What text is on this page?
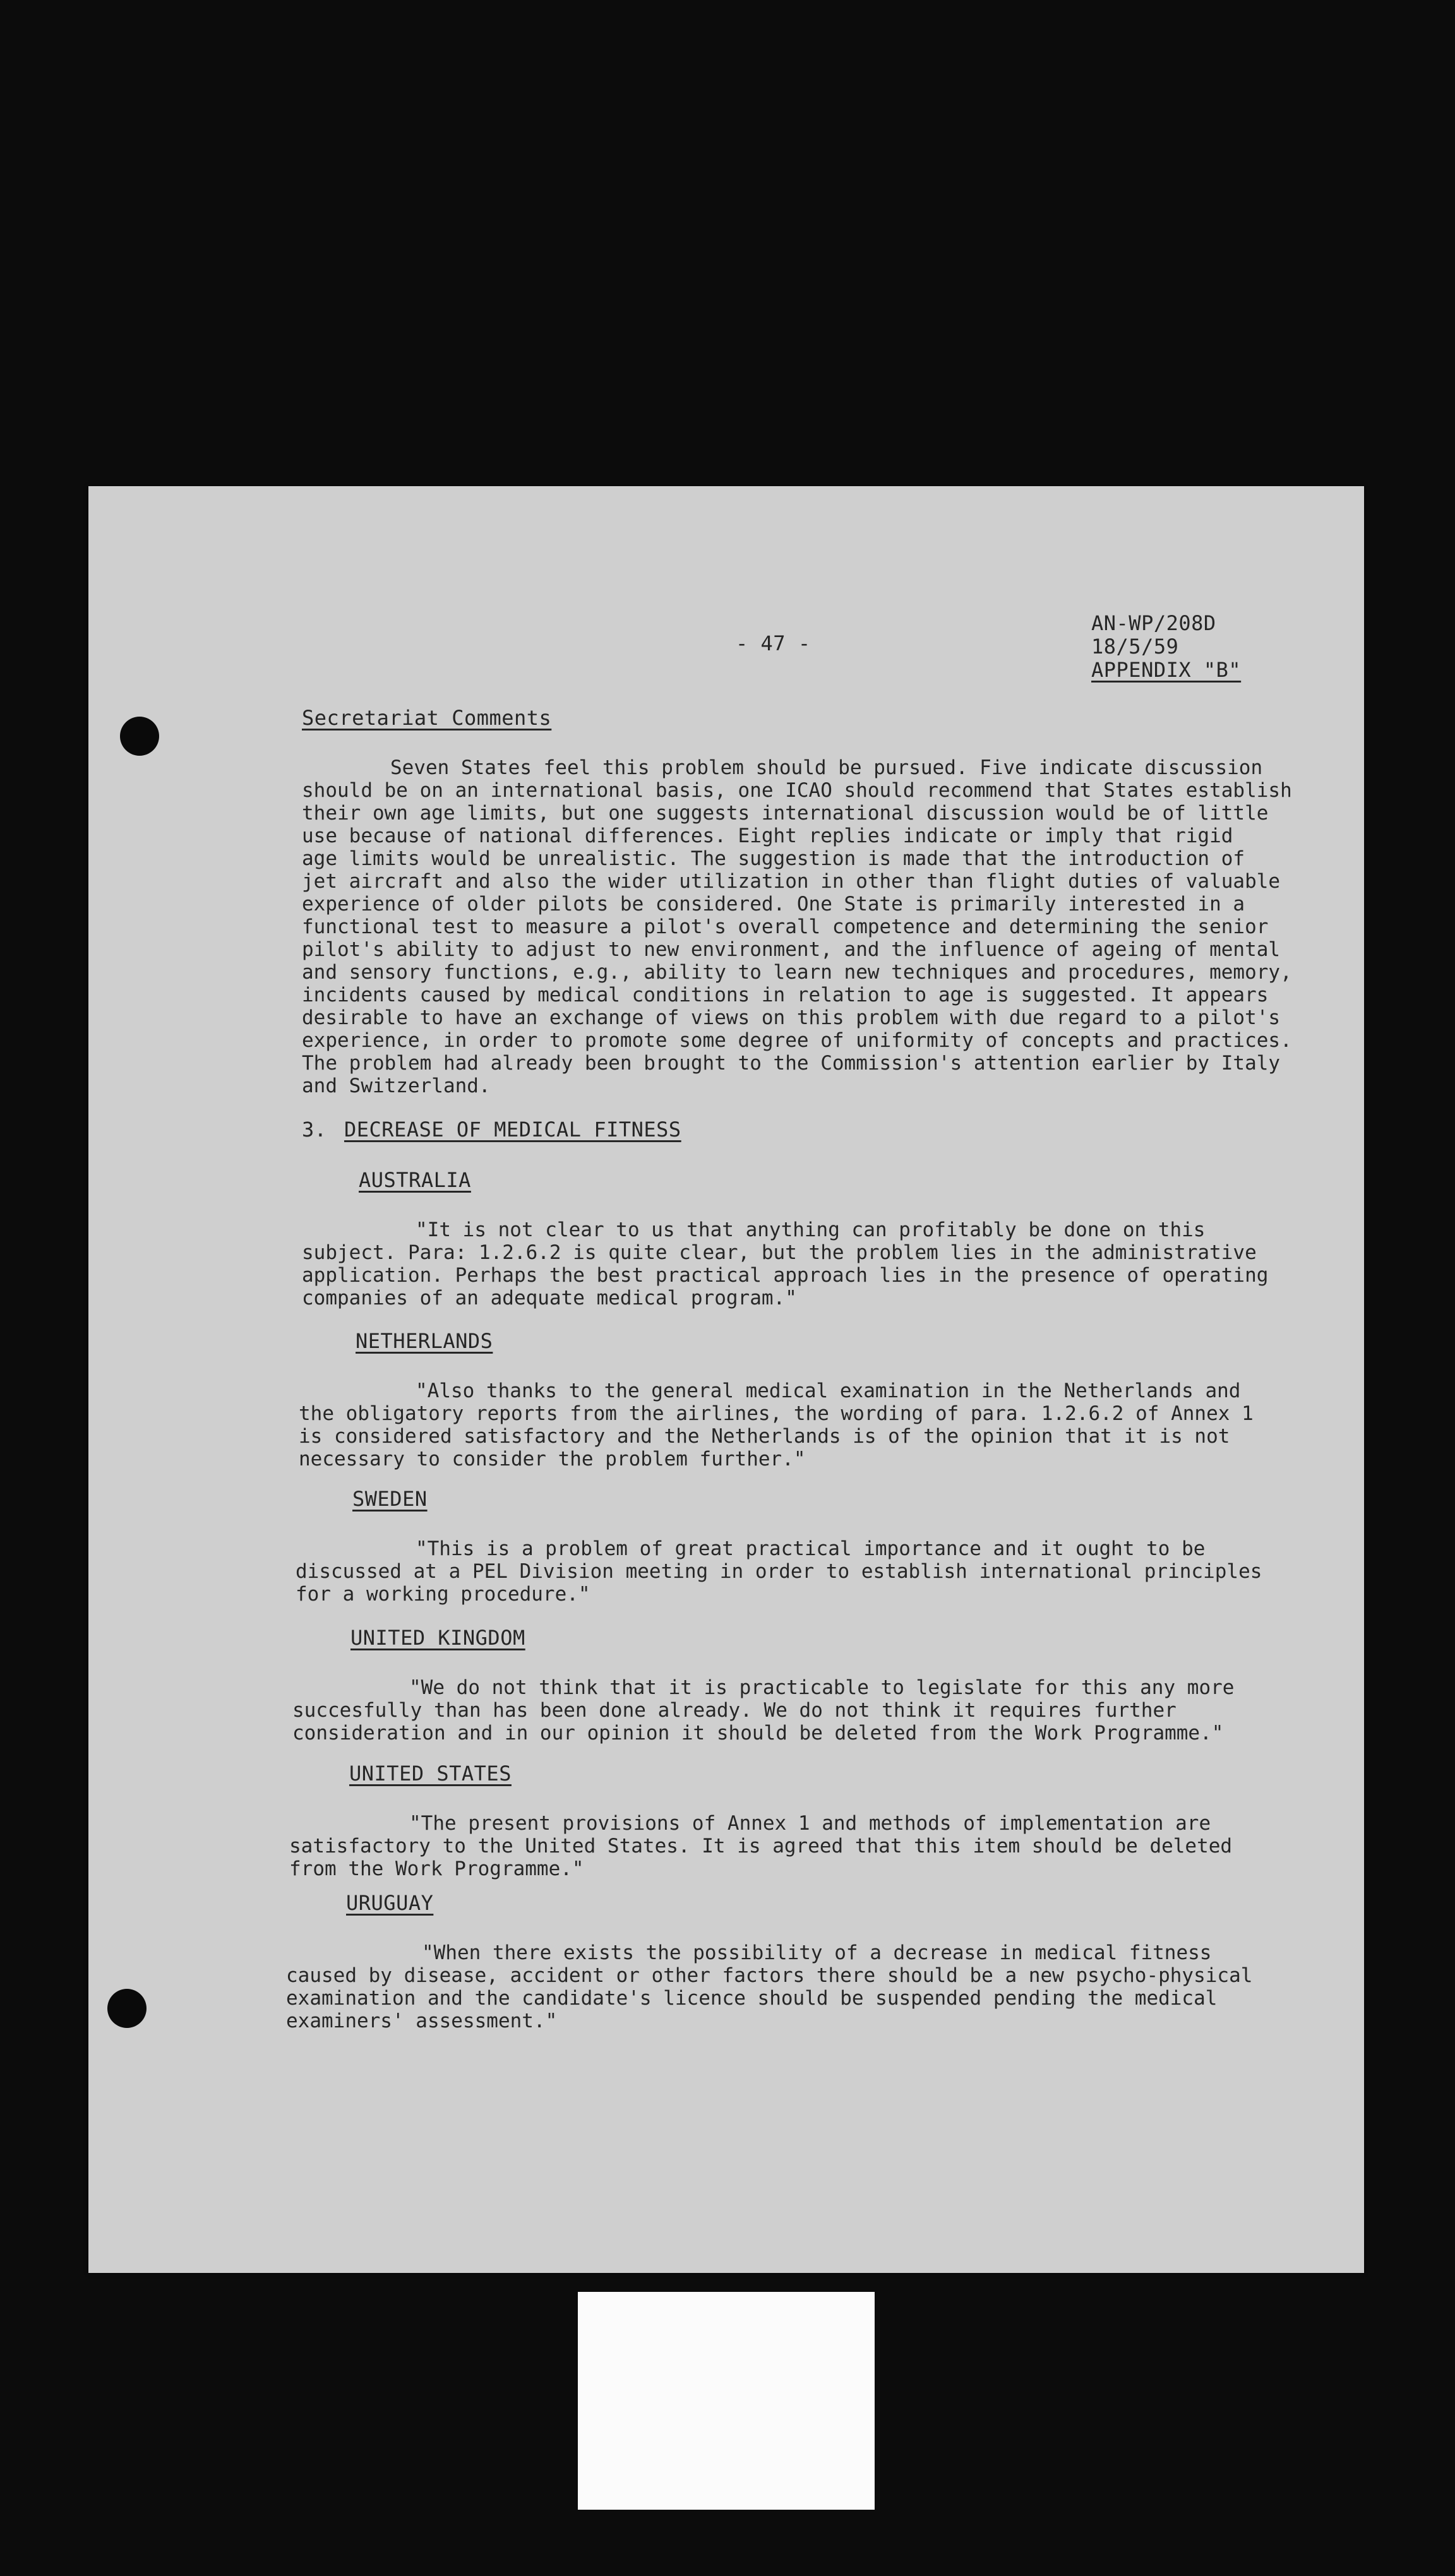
- 47 -
AN-WP/208D
18/5/59
APPENDIX "B"
Secretariat Comments
Seven States feel this problem should be pursued. Five indicate discussion
should be on an international basis, one ICAO should recommend that States establish
their own age limits, but one suggests international discussion would be of little
use because of national differences. Eight replies indicate or imply that rigid
age limits would be unrealistic. The suggestion is made that the introduction of
jet aircraft and also the wider utilization in other than flight duties of valuable
experience of older pilots be considered. One State is primarily interested in a
functional test to measure a pilot's overall competence and determining the senior
pilot's ability to adjust to new environment, and the influence of ageing of mental
and sensory functions, e.g., ability to learn new techniques and procedures, memory,
incidents caused by medical conditions in relation to age is suggested. It appears
desirable to have an exchange of views on this problem with due regard to a pilot's
experience, in order to promote some degree of uniformity of concepts and practices.
The problem had already been brought to the Commission's attention earlier by Italy
and Switzerland.
3. DECREASE OF MEDICAL FITNESS
AUSTRALIA
"It is not clear to us that anything can profitably be done on this
subject. Para: 1.2.6.2 is quite clear, but the problem lies in the administrative
application. Perhaps the best practical approach lies in the presence of operating
companies of an adequate medical program."
NETHERLANDS
"Also thanks to the general medical examination in the Netherlands and
the obligatory reports from the airlines, the wording of para. 1.2.6.2 of Annex 1
is considered satisfactory and the Netherlands is of the opinion that it is not
necessary to consider the problem further."
SWEDEN
"This is a problem of great practical importance and it ought to be
discussed at a PEL Division meeting in order to establish international principles
for a working procedure."
UNITED KINGDOM
"We do not think that it is practicable to legislate for this any more
succesfully than has been done already. We do not think it requires further
consideration and in our opinion it should be deleted from the Work Programme."
UNITED STATES
"The present provisions of Annex 1 and methods of implementation are
satisfactory to the United States. It is agreed that this item should be deleted
from the Work Programme."
URUGUAY
"When there exists the possibility of a decrease in medical fitness
caused by disease, accident or other factors there should be a new psycho-physical
examination and the candidate's licence should be suspended pending the medical
examiners' assessment."
